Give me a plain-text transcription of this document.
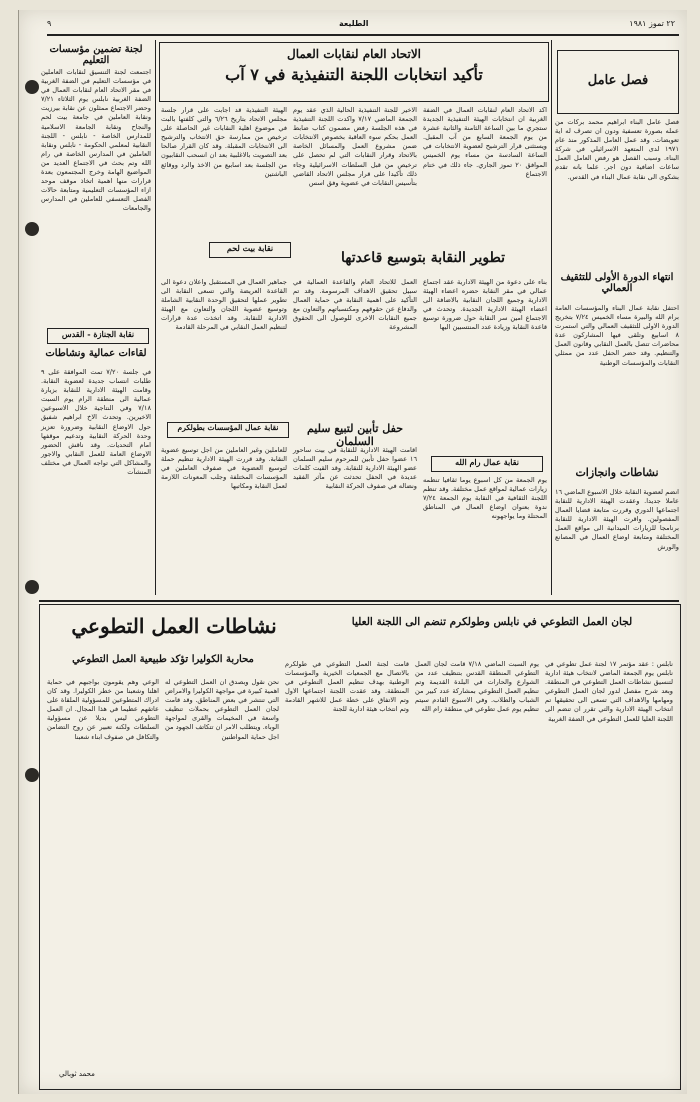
٩	الطليعة	٢٢ تموز ١٩٨١
لجنة تضمين مؤسسات التعليم
اجتمعت لجنة التنسيق لنقابات العاملين في مؤسسات التعليم في الضفة الغربية في مقر الاتحاد العام لنقابات العمال في الضفة الغربية نابلس يوم الثلاثاء ٧/٢١ وحضر الاجتماع ممثلون عن نقابة بيرزيت ونقابة العاملين في جامعة بيت لحم والنجاح ونقابة الجامعة الاسلامية للمدارس الخاصة - نابلس - اللجنة النقابية لمعلمي الحكومة - نابلس ونقابة العاملين في المدارس الخاصة في رام الله وتم بحث في الاجتماع العديد من المواضيع الهامة وخرج المجتمعون بعدة قرارات منها اهمية اتخاذ موقف موحد ازاء المؤسسات التعليمية ومتابعة حالات الفصل التعسفي للعاملين في المدارس والجامعات
نقابة الجنازة - القدس
لقاءات عمالية ونشاطات
في جلسة ٧/٢٠ تمت الموافقة على ٩ طلبات انتساب جديدة لعضوية النقابة. وقامت الهيئة الادارية للنقابة بزيارة عمالية الى منطقة الرام يوم السبت ٧/١٨ وفي النتاجية خلال الاسبوعين الاخيرين. وتحدث الاخ ابراهيم شفيق حول الاوضاع النقابية وضرورة تعزيز وحدة الحركة النقابية وتدعيم موقفها امام التحديات. وقد ناقش الحضور الاوضاع العامة للعمل النقابي والاجور والمشاكل التي تواجه العمال في مختلف المنشآت
الاتحاد العام لنقابات العمال
تأكيد انتخابات اللجنة التنفيذية في ٧ آب
اكد الاتحاد العام لنقابات العمال في الضفة الغربية ان انتخابات الهيئة التنفيذية الجديدة ستجري ما بين الساعة الثامنة والثانية عشرة من يوم الجمعة السابع من آب المقبل. ويستثنى قرار الترشيح لعضوية الانتخابات في الساعة السادسة من مساء يوم الخميس الموافق ٢٠ تموز الجاري. جاء ذلك في ختام الاجتماع
الاخير للجنة التنفيذية الحالية الذي عقد يوم الجمعة الماضي ٧/١٧ واكدت اللجنة التنفيذية في هذه الجلسة رفض مضمون كتاب ضابط العمل بحكم سوء العاقبة بخصوص الانتخابات ضمن مشروع العمل والمسائل الخاصة بالاتحاد وقرار النقابات التي لم تحصل على ترخيص من قبل السلطات الاسرائيلية وجاء ذلك تأكيدا على قرار مجلس الاتحاد القاضي بتأسيس النقابات في عضوية وفق اسس
الهيئة التنفيذية قد اجابت على قرار جلسة مجلس الاتحاد بتاريخ ٦/٢٦ والتي كلفتها بالبت في موضوع اهلية النقابات غير الحاصلة على ترخيص من ممارسة حق الانتخاب والترشيح الى الانتخابات المقبلة. وقد كان القرار صالحا بعد التصويت بالاغلبية بعد ان انسحب النقابيون من الجلسة بعد اسابيع من الاخذ والرد ووقائع الباشتين
نقابة بيت لحم
تطوير النقابة بتوسيع قاعدتها
بناء على دعوة من الهيئة الادارية عقد اجتماع عمالي في مقر النقابة حضره اعضاء الهيئة الادارية وجميع اللجان النقابية بالاضافة الى اعضاء الهيئة الادارية الجديدة. وتحدث في الاجتماع امين سر النقابة حول ضرورة توسيع قاعدة النقابة وزيادة عدد المنتسبين اليها
العمل للاتحاد العام والقاعدة العمالية في سبيل تحقيق الاهداف المرسومة. وقد تم التأكيد على اهمية النقابة في حماية العمال والدفاع عن حقوقهم ومكتسباتهم والتعاون مع جميع النقابات الاخرى للوصول الى الحقوق المشروعة
جماهير العمال في المستقبل واعلان دعوة الى القاعدة العريضة والتي تسعى النقابة الى تطوير عملها لتحقيق الوحدة النقابية الشاملة وتوسيع عضوية اللجان والتعاون مع الهيئة الادارية للنقابة. وقد اتخذت عدة قرارات لتنظيم العمل النقابي في المرحلة القادمة
نقابة عمال رام الله
يوم الجمعة من كل اسبوع يوما ثقافيا تنظمه زيارات عمالية لمواقع عمل مختلفة. وقد تنظم اللجنة الثقافية في النقابة يوم الجمعة ٧/٢٤ ندوة بعنوان اوضاع العمال في المناطق المحتلة وما يواجهونه
حفل تأبين لتبيع سليم السلمان
نقابة عمال المؤسسات بطولكرم
اقامت الهيئة الادارية للنقابة في بيت ساحور ١٦ عضوا حفل تأبين للمرحوم سليم السلمان عضو الهيئة الادارية للنقابة. وقد القيت كلمات عديدة في الحفل تحدثت عن مآثر الفقيد ونضاله في صفوف الحركة النقابية
للعاملين وغير العاملين من اجل توسيع عضوية النقابة. وقد قررت الهيئة الادارية تنظيم حملة لتوسيع العضوية في صفوف العاملين في المؤسسات المختلفة وجلب المعونات اللازمة لعمل النقابة ومكاتبها
فصل عامل
فصل عامل البناء ابراهيم محمد بركات من عمله بصورة تعسفية ودون ان تصرف له اية تعويضات. وقد عمل العامل المذكور منذ عام ١٩٧١ لدى المتعهد الاسرائيلي في شركة البناء. وسبب الفصل هو رفض العامل العمل ساعات اضافية دون اجر. علما بانه تقدم بشكوى الى نقابة عمال البناء في القدس.
انتهاء الدورة الأولى للتثقيف العمالي
احتفل نقابة عمال البناء والمؤسسات العامة برام الله والبيرة مساء الخميس ٧/٢٤ بتخريج الدورة الاولى للتثقيف العمالي والتي استمرت ٨ اسابيع وتلقى فيها المشاركون عدة محاضرات تتصل بالعمل النقابي وقانون العمل والتنظيم. وقد حضر الحفل عدد من ممثلي النقابات والمؤسسات الوطنية
نشاطات وانجازات
انضم لعضوية النقابة خلال الاسبوع الماضي ١٦ عاملا جديدا. وعقدت الهيئة الادارية للنقابة اجتماعها الدوري وقررت متابعة قضايا العمال المفصولين. واقرت الهيئة الادارية للنقابة برنامجا للزيارات الميدانية الى مواقع العمل المختلفة ومتابعة اوضاع العمال في المصانع والورش
لجان العمل التطوعي في نابلس وطولكرم تنضم الى اللجنة العليا
نشاطات العمل التطوعي
نابلس : عقد مؤتمر ١٧ لجنة عمل تطوعي في نابلس يوم الجمعة الماضي لانتخاب هيئة ادارية لتنسيق نشاطات العمل التطوعي في المنطقة. وبعد شرح مفصل لدور لجان العمل التطوعي ومهامها والاهداف التي تسعى الى تحقيقها تم انتخاب الهيئة الادارية والتي تقرر ان تنضم الى اللجنة العليا للعمل التطوعي في الضفة الغربية
يوم السبت الماضي ٧/١٨ قامت لجان العمل التطوعي المنطقة القدس بتنظيف عدد من الشوارع والحارات في البلدة القديمة وتم تنظيم العمل التطوعي بمشاركة عدد كبير من الشباب والطلاب. وفي الاسبوع القادم سيتم تنظيم يوم عمل تطوعي في منطقة رام الله
قامت لجنة العمل التطوعي في طولكرم بالاتصال مع الجمعيات الخيرية والمؤسسات الوطنية بهدف تنظيم العمل التطوعي في المنطقة. وقد عقدت اللجنة اجتماعها الاول وتم الاتفاق على خطة عمل للاشهر القادمة وتم انتخاب هيئة ادارية للجنة
محاربة الكوليرا تؤكد طبيعية العمل التطوعي
نحن نقول وبصدق ان العمل التطوعي له اهمية كبيرة في مواجهة الكوليرا والامراض التي تنتشر في بعض المناطق. وقد قامت لجان العمل التطوعي بحملات تنظيف واسعة في المخيمات والقرى لمواجهة الوباء. ويتطلب الامر ان تتكاتف الجهود من اجل حماية المواطنين
الوعي وهم يقومون بواجبهم في حماية اهلنا وشعبنا من خطر الكوليرا. وقد كان ادراك المتطوعين للمسؤولية الملقاة على عاتقهم عظيما في هذا المجال. ان العمل التطوعي ليس بديلا عن مسؤولية السلطات ولكنه تعبير عن روح التضامن والتكافل في صفوف ابناء شعبنا
محمد ثوبالي
